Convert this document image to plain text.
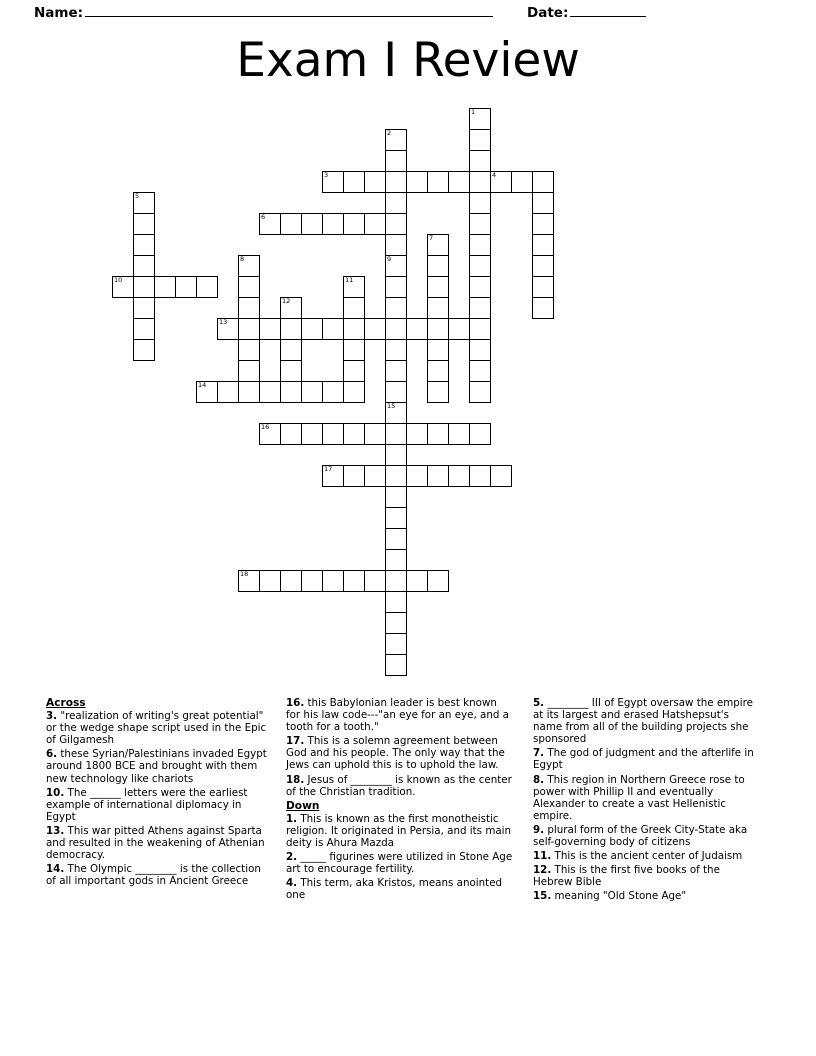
Name:	Date:
Exam I Review
1
2
3	4
5
6
7
8	9
10	11
12
13
14
15
16
17
18
Across
3. "realization of writing's great potential" or the wedge shape script used in the Epic of Gilgamesh
6. these Syrian/Palestinians invaded Egypt around 1800 BCE and brought with them new technology like chariots
10. The ______ letters were the earliest example of international diplomacy in Egypt
13. This war pitted Athens against Sparta and resulted in the weakening of Athenian democracy.
14. The Olympic ________ is the collection of all important gods in Ancient Greece
16. this Babylonian leader is best known for his law code---"an eye for an eye, and a tooth for a tooth."
17. This is a solemn agreement between God and his people. The only way that the Jews can uphold this is to uphold the law.
18. Jesus of ________ is known as the center of the Christian tradition.
Down
1. This is known as the first monotheistic religion. It originated in Persia, and its main deity is Ahura Mazda
2. _____ figurines were utilized in Stone Age art to encourage fertility.
4. This term, aka Kristos, means anointed one
5. ________ III of Egypt oversaw the empire at its largest and erased Hatshepsut's name from all of the building projects she sponsored
7. The god of judgment and the afterlife in Egypt
8. This region in Northern Greece rose to power with Phillip II and eventually Alexander to create a vast Hellenistic empire.
9. plural form of the Greek City-State aka self-governing body of citizens
11. This is the ancient center of Judaism
12. This is the first five books of the Hebrew Bible
15. meaning "Old Stone Age"
